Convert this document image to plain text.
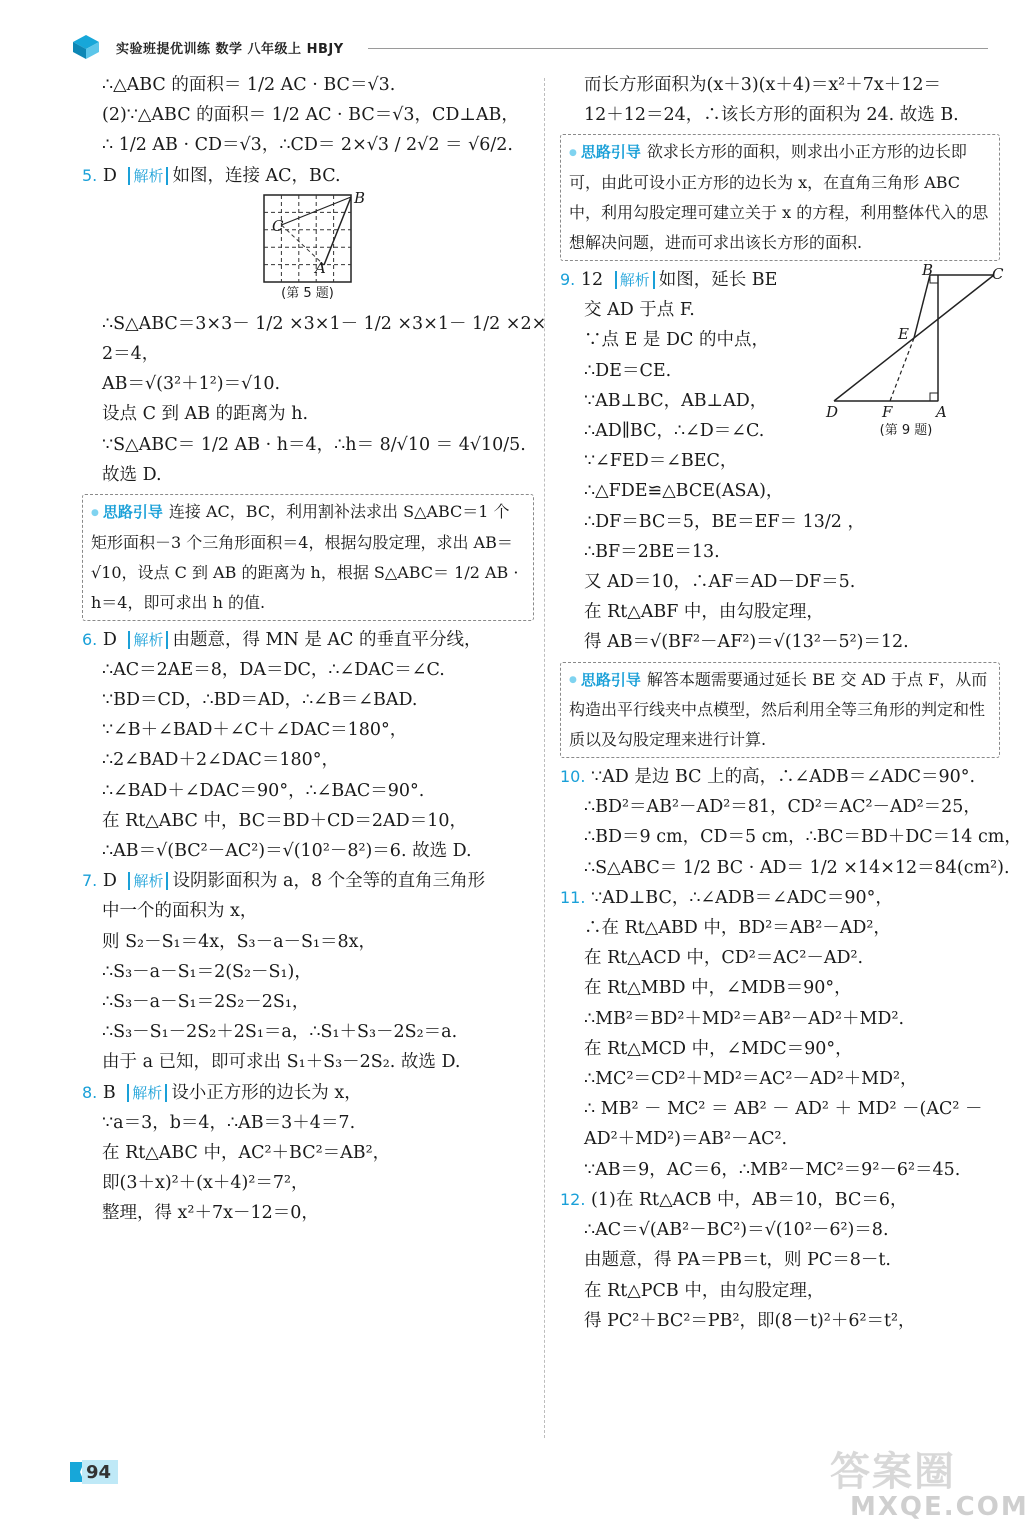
实验班提优训练 数学 八年级上 HBJY
∴△ABC 的面积＝ 1/2 AC · BC＝√3.
(2)∵△ABC 的面积＝ 1/2 AC · BC＝√3，CD⊥AB，
∴ 1/2 AB · CD＝√3，∴CD＝ 2×√3 / 2√2 ＝ √6/2.
5. D 解析 如图，连接 AC，BC.
B
C
A
(第 5 题)
∴S△ABC＝3×3－ 1/2 ×3×1－ 1/2 ×3×1－ 1/2 ×2×
2＝4，
AB＝√(3²＋1²)＝√10.
设点 C 到 AB 的距离为 h.
∵S△ABC＝ 1/2 AB · h＝4，∴h＝ 8/√10 ＝ 4√10/5.
故选 D.
● 思路引导 连接 AC，BC，利用割补法求出 S△ABC＝1 个矩形面积－3 个三角形面积＝4，根据勾股定理，求出 AB＝√10，设点 C 到 AB 的距离为 h，根据 S△ABC＝ 1/2 AB · h＝4，即可求出 h 的值.
6. D 解析 由题意，得 MN 是 AC 的垂直平分线，
∴AC＝2AE＝8，DA＝DC，∴∠DAC＝∠C.
∵BD＝CD，∴BD＝AD，∴∠B＝∠BAD.
∵∠B＋∠BAD＋∠C＋∠DAC＝180°，
∴2∠BAD＋2∠DAC＝180°，
∴∠BAD＋∠DAC＝90°，∴∠BAC＝90°.
在 Rt△ABC 中，BC＝BD＋CD＝2AD＝10，
∴AB＝√(BC²－AC²)＝√(10²－8²)＝6. 故选 D.
7. D 解析 设阴影面积为 a，8 个全等的直角三角形
中一个的面积为 x，
则 S₂－S₁＝4x，S₃－a－S₁＝8x，
∴S₃－a－S₁＝2(S₂－S₁)，
∴S₃－a－S₁＝2S₂－2S₁，
∴S₃－S₁－2S₂＋2S₁＝a，∴S₁＋S₃－2S₂＝a.
由于 a 已知，即可求出 S₁＋S₃－2S₂. 故选 D.
8. B 解析 设小正方形的边长为 x，
∵a＝3，b＝4，∴AB＝3＋4＝7.
在 Rt△ABC 中，AC²＋BC²＝AB²，
即(3＋x)²＋(x＋4)²＝7²，
整理，得 x²＋7x－12＝0，
而长方形面积为(x＋3)(x＋4)＝x²＋7x＋12＝
12＋12＝24，∴该长方形的面积为 24. 故选 B.
● 思路引导 欲求长方形的面积，则求出小正方形的边长即可，由此可设小正方形的边长为 x，在直角三角形 ABC 中，利用勾股定理可建立关于 x 的方程，利用整体代入的思想解决问题，进而可求出该长方形的面积.
9. 12 解析 如图，延长 BE
交 AD 于点 F.
∵点 E 是 DC 的中点，
∴DE＝CE.
∵AB⊥BC，AB⊥AD，
∴AD∥BC，∴∠D＝∠C.
∵∠FED＝∠BEC，
∴△FDE≌△BCE(ASA)，
∴DF＝BC＝5，BE＝EF＝ 13/2 ，
∴BF＝2BE＝13.
又 AD＝10，∴AF＝AD－DF＝5.
在 Rt△ABF 中，由勾股定理，
得 AB＝√(BF²－AF²)＝√(13²－5²)＝12.
B	C
E
D	F	A
(第 9 题)
● 思路引导 解答本题需要通过延长 BE 交 AD 于点 F，从而构造出平行线夹中点模型，然后利用全等三角形的判定和性质以及勾股定理来进行计算.
10. ∵AD 是边 BC 上的高，∴∠ADB＝∠ADC＝90°.
∴BD²＝AB²－AD²＝81，CD²＝AC²－AD²＝25，
∴BD＝9 cm，CD＝5 cm，∴BC＝BD＋DC＝14 cm，
∴S△ABC＝ 1/2 BC · AD＝ 1/2 ×14×12＝84(cm²).
11. ∵AD⊥BC，∴∠ADB＝∠ADC＝90°，
∴在 Rt△ABD 中，BD²＝AB²－AD²，
在 Rt△ACD 中，CD²＝AC²－AD².
在 Rt△MBD 中，∠MDB＝90°，
∴MB²＝BD²＋MD²＝AB²－AD²＋MD².
在 Rt△MCD 中，∠MDC＝90°，
∴MC²＝CD²＋MD²＝AC²－AD²＋MD²，
∴ MB² － MC² ＝ AB² － AD² ＋ MD² －(AC² －
AD²＋MD²)＝AB²－AC².
∵AB＝9，AC＝6，∴MB²－MC²＝9²－6²＝45.
12. (1)在 Rt△ACB 中，AB＝10，BC＝6，
∴AC＝√(AB²－BC²)＝√(10²－6²)＝8.
由题意，得 PA＝PB＝t，则 PC＝8－t.
在 Rt△PCB 中，由勾股定理，
得 PC²＋BC²＝PB²，即(8－t)²＋6²＝t²，
94	答案圈
MXQE.COM
